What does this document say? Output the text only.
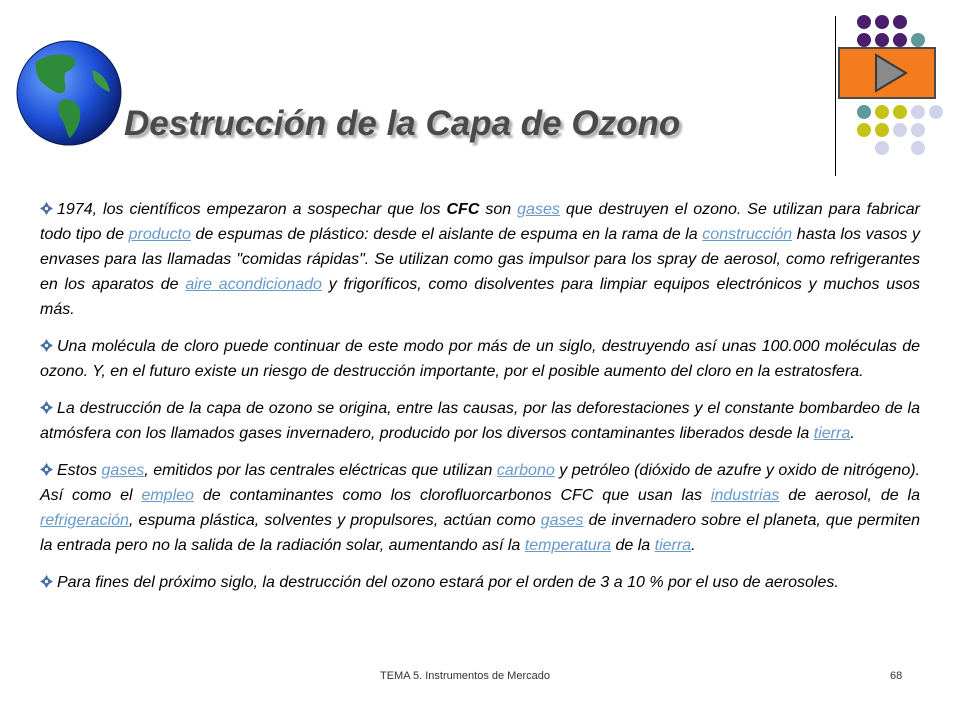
Destrucción de la Capa de Ozono

1974, los científicos empezaron a sospechar que los CFC son gases que destruyen el ozono. Se utilizan para fabricar todo tipo de producto de espumas de plástico: desde el aislante de espuma en la rama de la construcción hasta los vasos y envases para las llamadas "comidas rápidas". Se utilizan como gas impulsor para los spray de aerosol, como refrigerantes en los aparatos de aire acondicionado y frigoríficos, como disolventes para limpiar equipos electrónicos y muchos usos más.

Una molécula de cloro puede continuar de este modo por más de un siglo, destruyendo así unas 100.000 moléculas de ozono. Y, en el futuro existe un riesgo de destrucción importante, por el posible aumento del cloro en la estratosfera.

La destrucción de la capa de ozono se origina, entre las causas, por las deforestaciones y el constante bombardeo de la atmósfera con los llamados gases invernadero, producido por los diversos contaminantes liberados desde la tierra.

Estos gases, emitidos por las centrales eléctricas que utilizan carbono y petróleo (dióxido de azufre y oxido de nitrógeno). Así como el empleo de contaminantes como los clorofluorcarbonos CFC que usan las industrias de aerosol, de la refrigeración, espuma plástica, solventes y propulsores, actúan como gases de invernadero sobre el planeta, que permiten la entrada pero no la salida de la radiación solar, aumentando así la temperatura de la tierra.

Para fines del próximo siglo, la destrucción del ozono estará por el orden de 3 a 10 % por el uso de aerosoles.

TEMA 5. Instrumentos de Mercado	68
